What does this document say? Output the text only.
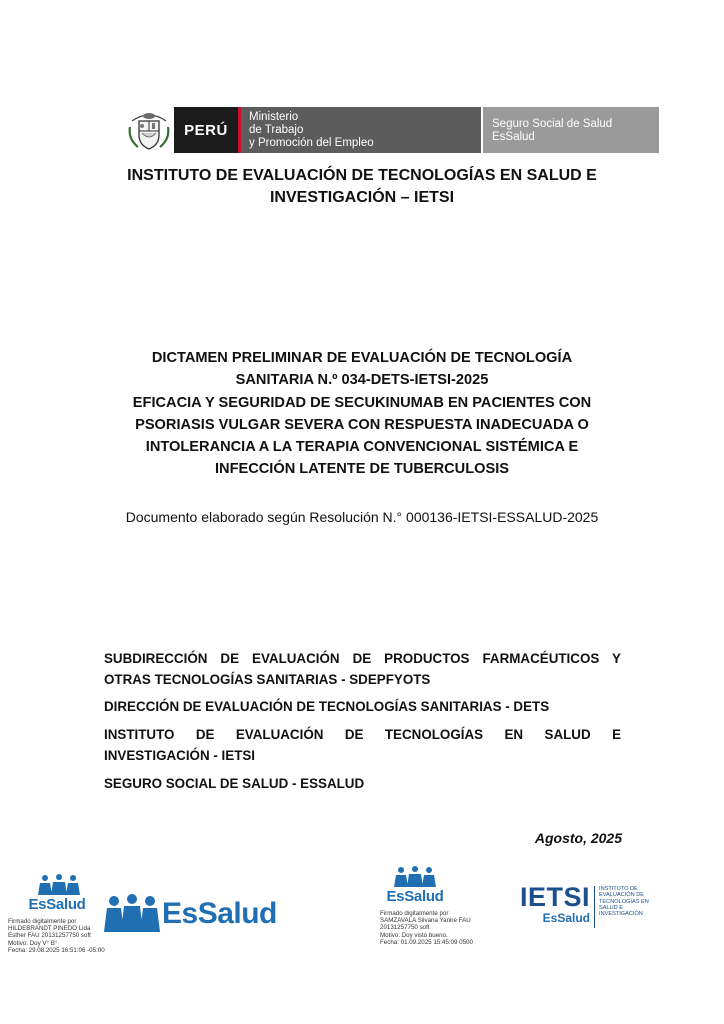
PERÚ
Ministerio
de Trabajo
y Promoción del Empleo
Seguro Social de Salud
EsSalud
INSTITUTO DE EVALUACIÓN DE TECNOLOGÍAS EN SALUD E
INVESTIGACIÓN – IETSI
DICTAMEN PRELIMINAR DE EVALUACIÓN DE TECNOLOGÍA
SANITARIA N.º 034-DETS-IETSI-2025
EFICACIA Y SEGURIDAD DE SECUKINUMAB EN PACIENTES CON
PSORIASIS VULGAR SEVERA CON RESPUESTA INADECUADA O
INTOLERANCIA A LA TERAPIA CONVENCIONAL SISTÉMICA E
INFECCIÓN LATENTE DE TUBERCULOSIS
Documento elaborado según Resolución N.° 000136-IETSI-ESSALUD-2025
SUBDIRECCIÓN DE EVALUACIÓN DE PRODUCTOS FARMACÉUTICOS Y
OTRAS TECNOLOGÍAS SANITARIAS - SDEPFYOTS
DIRECCIÓN DE EVALUACIÓN DE TECNOLOGÍAS SANITARIAS - DETS
INSTITUTO DE EVALUACIÓN DE TECNOLOGÍAS EN SALUD E
INVESTIGACIÓN - IETSI
SEGURO SOCIAL DE SALUD - ESSALUD
Agosto, 2025
EsSalud
Firmado digitalmente por
HILDEBRANDT PINEDO Lida
Esther FAU 20131257750 soft
Motivo: Doy V° B°
Fecha: 29.08.2025 16:51:06 -05:00
EsSalud
EsSalud
Firmado digitalmente por
SAMZAVALA Silvana Yanire FAU
20131257750 soft
Motivo: Doy visto bueno.
Fecha: 01.09.2025 15:45:09 0500
IETSI
EsSalud
INSTITUTO DE
EVALUACIÓN DE
TECNOLOGÍAS EN
SALUD E
INVESTIGACIÓN
